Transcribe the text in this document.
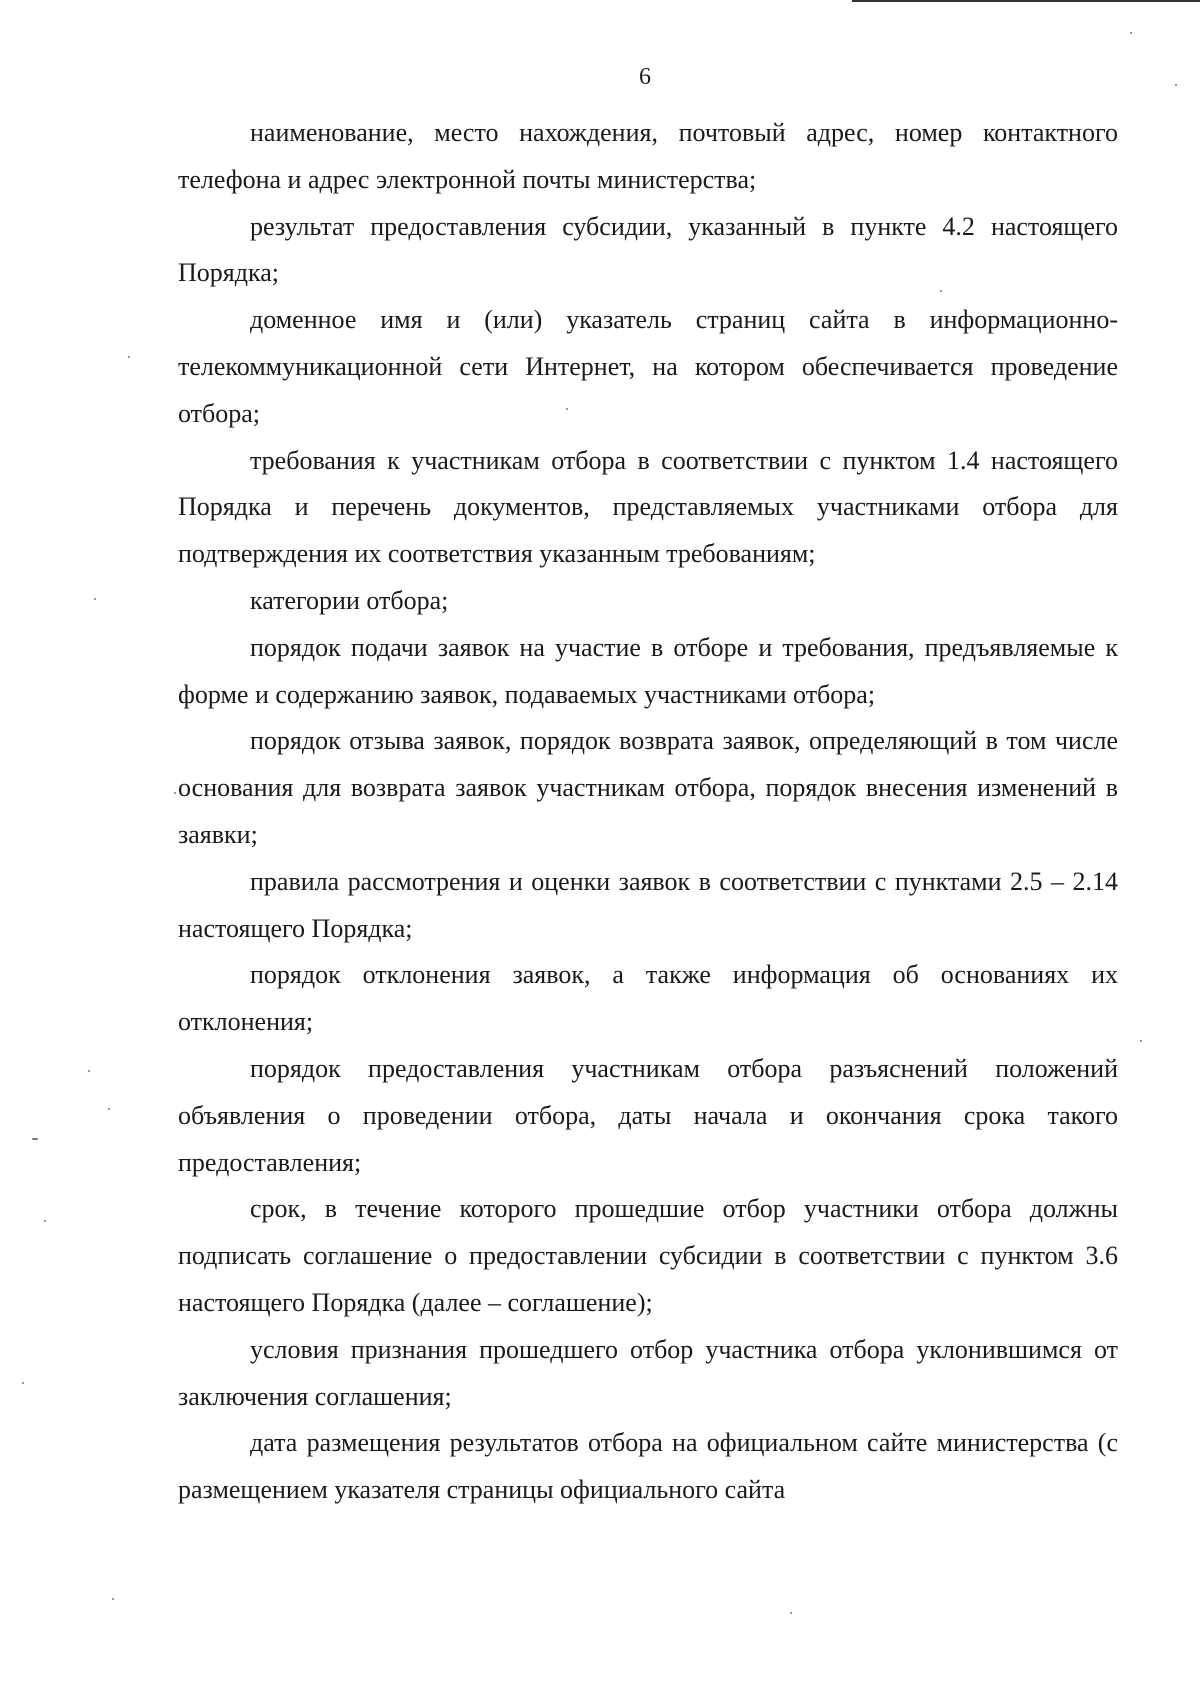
6

наименование, место нахождения, почтовый адрес, номер контактного телефона и адрес электронной почты министерства;

результат предоставления субсидии, указанный в пункте 4.2 настоящего Порядка;

доменное имя и (или) указатель страниц сайта в информационно-телекоммуникационной сети Интернет, на котором обеспечивается проведение отбора;

требования к участникам отбора в соответствии с пунктом 1.4 настоящего Порядка и перечень документов, представляемых участниками отбора для подтверждения их соответствия указанным требованиям;

категории отбора;

порядок подачи заявок на участие в отборе и требования, предъявляемые к форме и содержанию заявок, подаваемых участниками отбора;

порядок отзыва заявок, порядок возврата заявок, определяющий в том числе основания для возврата заявок участникам отбора, порядок внесения изменений в заявки;

правила рассмотрения и оценки заявок в соответствии с пунктами 2.5 – 2.14 настоящего Порядка;

порядок отклонения заявок, а также информация об основаниях их отклонения;

порядок предоставления участникам отбора разъяснений положений объявления о проведении отбора, даты начала и окончания срока такого предоставления;

срок, в течение которого прошедшие отбор участники отбора должны подписать соглашение о предоставлении субсидии в соответствии с пунктом 3.6 настоящего Порядка (далее – соглашение);

условия признания прошедшего отбор участника отбора уклонившимся от заключения соглашения;

дата размещения результатов отбора на официальном сайте министерства (с размещением указателя страницы официального сайта
